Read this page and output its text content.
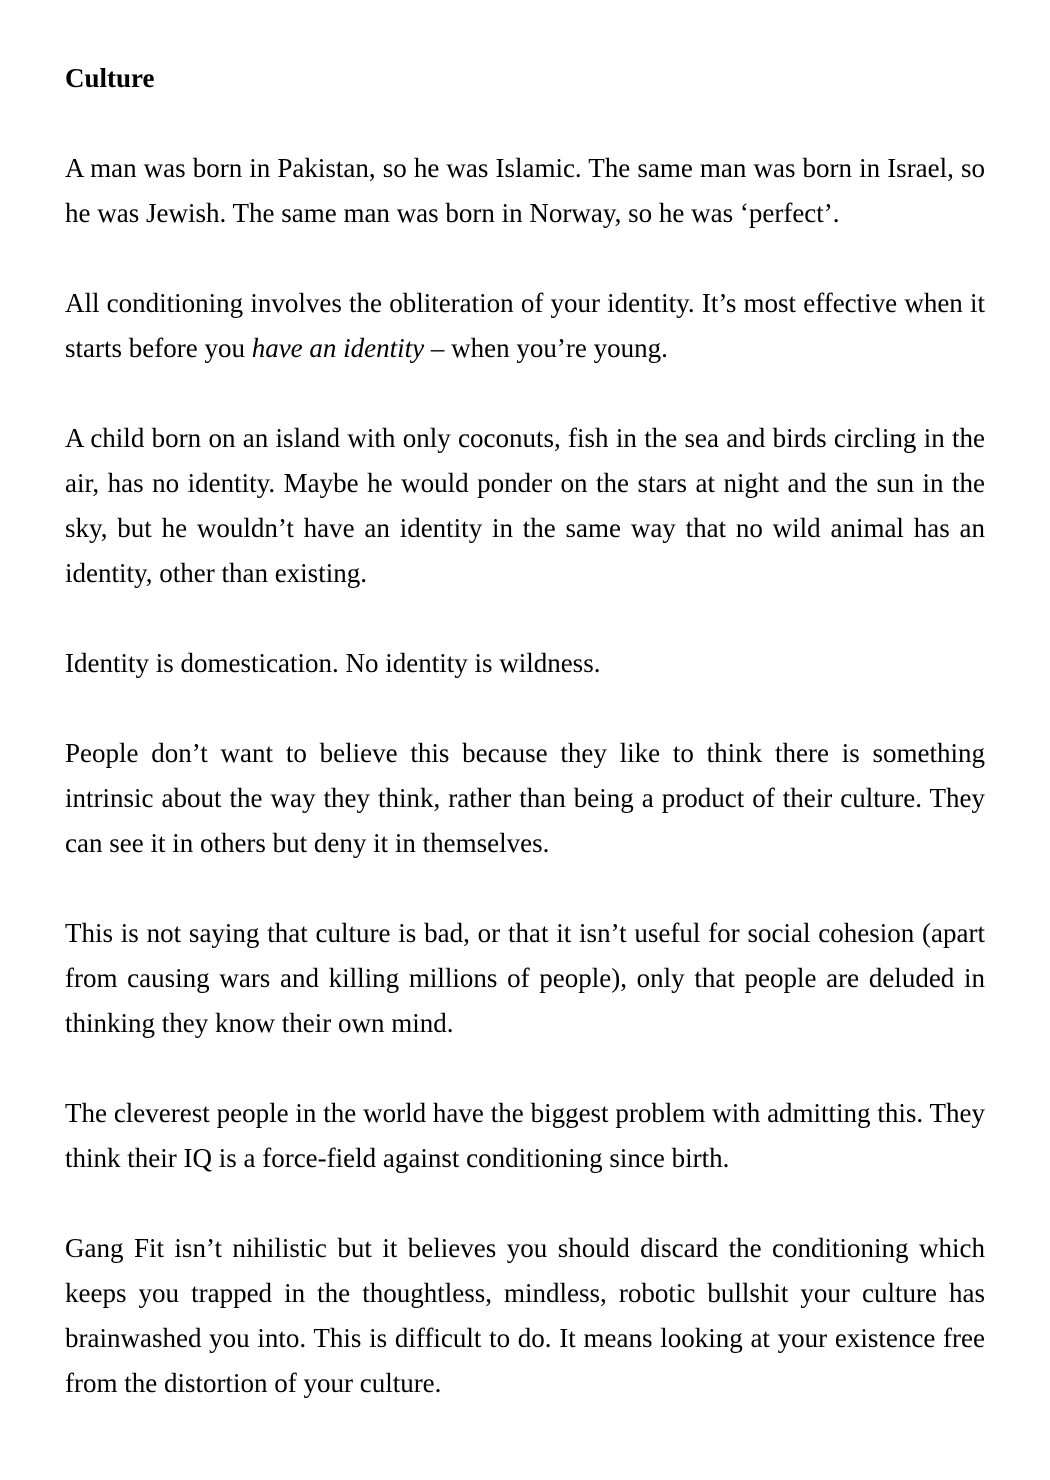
Culture

A man was born in Pakistan, so he was Islamic. The same man was born in Israel, so he was Jewish. The same man was born in Norway, so he was ‘perfect’.

All conditioning involves the obliteration of your identity. It’s most effective when it starts before you have an identity – when you’re young.

A child born on an island with only coconuts, fish in the sea and birds circling in the air, has no identity. Maybe he would ponder on the stars at night and the sun in the sky, but he wouldn’t have an identity in the same way that no wild animal has an identity, other than existing.

Identity is domestication. No identity is wildness.

People don’t want to believe this because they like to think there is something intrinsic about the way they think, rather than being a product of their culture. They can see it in others but deny it in themselves.

This is not saying that culture is bad, or that it isn’t useful for social cohesion (apart from causing wars and killing millions of people), only that people are deluded in thinking they know their own mind.

The cleverest people in the world have the biggest problem with admitting this. They think their IQ is a force-field against conditioning since birth.

Gang Fit isn’t nihilistic but it believes you should discard the conditioning which keeps you trapped in the thoughtless, mindless, robotic bullshit your culture has brainwashed you into. This is difficult to do. It means looking at your existence free from the distortion of your culture.
